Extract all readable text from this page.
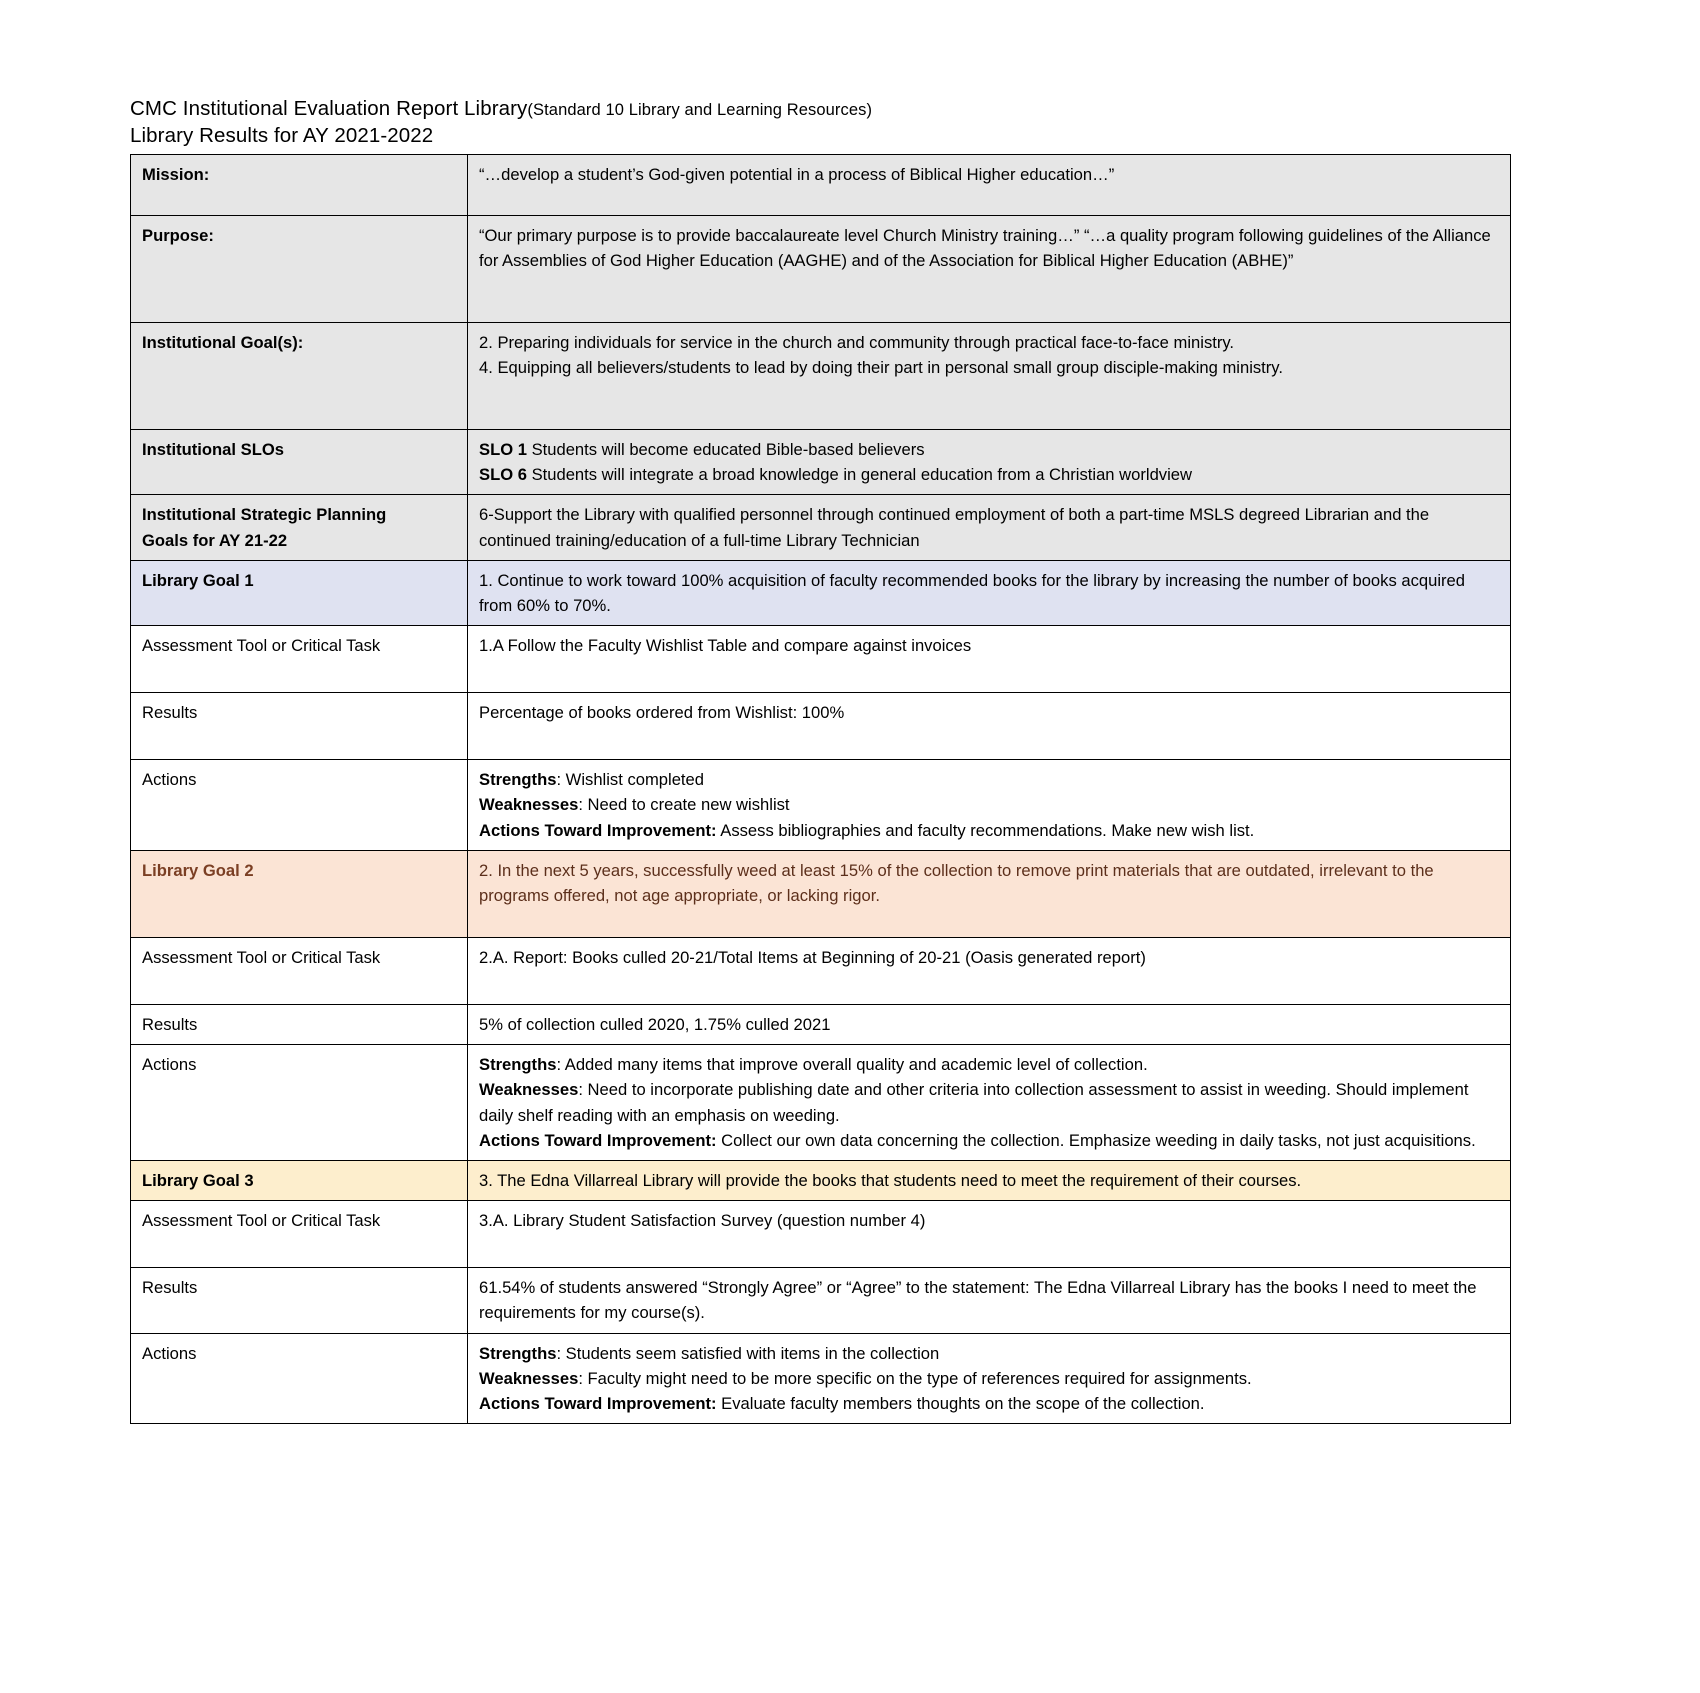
CMC Institutional Evaluation Report Library(Standard 10 Library and Learning Resources)
Library Results for AY 2021-2022
Mission:	“…develop a student’s God-given potential in a process of Biblical Higher education…”
Purpose:	“Our primary purpose is to provide baccalaureate level Church Ministry training…” “…a quality program following guidelines of the Alliance for Assemblies of God Higher Education (AAGHE) and of the Association for Biblical Higher Education (ABHE)”
Institutional Goal(s):	2. Preparing individuals for service in the church and community through practical face-to-face ministry.
4. Equipping all believers/students to lead by doing their part in personal small group disciple-making ministry.

Institutional SLOs	SLO 1 Students will become educated Bible-based believers
SLO 6 Students will integrate a broad knowledge in general education from a Christian worldview

Institutional Strategic Planning
Goals for AY 21-22	6-Support the Library with qualified personnel through continued employment of both a part-time MSLS degreed Librarian and the continued training/education of a full-time Library Technician
Library Goal 1	1. Continue to work toward 100% acquisition of faculty recommended books for the library by increasing the number of books acquired from 60% to 70%.
Assessment Tool or Critical Task	1.A Follow the Faculty Wishlist Table and compare against invoices
Results	Percentage of books ordered from Wishlist: 100%
Actions	Strengths: Wishlist completed
Weaknesses: Need to create new wishlist
Actions Toward Improvement: Assess bibliographies and faculty recommendations. Make new wish list.

Library Goal 2	2. In the next 5 years, successfully weed at least 15% of the collection to remove print materials that are outdated, irrelevant to the programs offered, not age appropriate, or lacking rigor.
Assessment Tool or Critical Task	2.A. Report: Books culled 20-21/Total Items at Beginning of 20-21 (Oasis generated report)
Results	5% of collection culled 2020, 1.75% culled 2021
Actions	Strengths: Added many items that improve overall quality and academic level of collection.
Weaknesses: Need to incorporate publishing date and other criteria into collection assessment to assist in weeding. Should implement daily shelf reading with an emphasis on weeding.
Actions Toward Improvement: Collect our own data concerning the collection. Emphasize weeding in daily tasks, not just acquisitions.

Library Goal 3	3. The Edna Villarreal Library will provide the books that students need to meet the requirement of their courses.
Assessment Tool or Critical Task	3.A. Library Student Satisfaction Survey (question number 4)
Results	61.54% of students answered “Strongly Agree” or “Agree” to the statement: The Edna Villarreal Library has the books I need to meet the requirements for my course(s).
Actions	Strengths: Students seem satisfied with items in the collection
Weaknesses: Faculty might need to be more specific on the type of references required for assignments.
Actions Toward Improvement: Evaluate faculty members thoughts on the scope of the collection.
